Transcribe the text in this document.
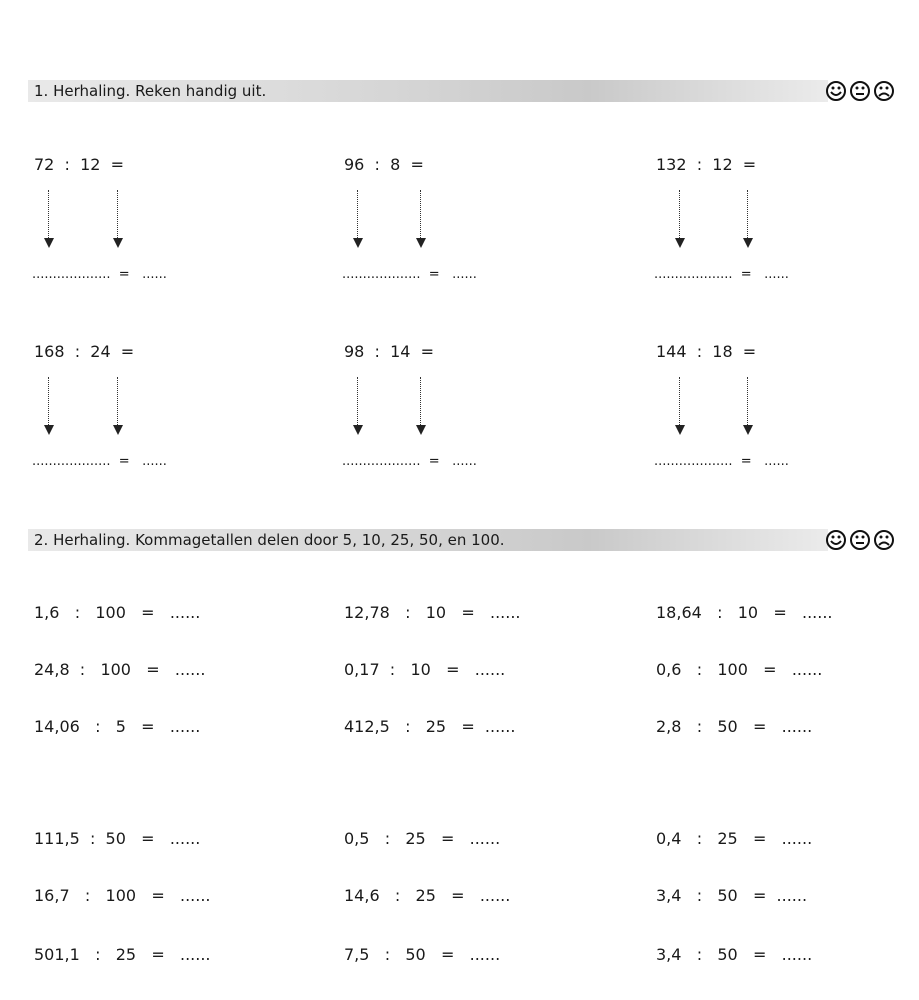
1. Herhaling. Reken handig uit.
72  :  12  =
...................  =   ......
96  :  8  =
...................  =   ......
132  :  12  =
...................  =   ......
168  :  24  =
...................  =   ......
98  :  14  =
...................  =   ......
144  :  18  =
...................  =   ......
2. Herhaling. Kommagetallen delen door 5, 10, 25, 50, en 100.
1,6   :   100   =   ......	12,78   :   10   =   ......	18,64   :   10   =   ......
24,8  :   100   =   ......	0,17  :   10   =   ......	0,6   :   100   =   ......
14,06   :   5   =   ......	412,5   :   25   =  ......	2,8   :   50   =   ......
111,5  :  50   =   ......	0,5   :   25   =   ......	0,4   :   25   =   ......
16,7   :   100   =   ......	14,6   :   25   =   ......	3,4   :   50   =  ......
501,1   :   25   =   ......	7,5   :   50   =   ......	3,4   :   50   =   ......
